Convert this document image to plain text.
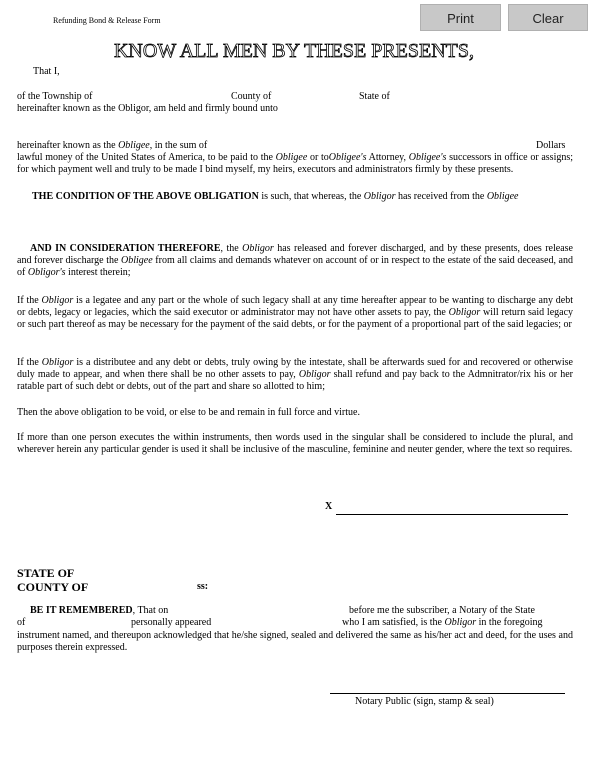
Print	Clear
Refunding Bond & Release Form
KNOW ALL MEN BY THESE PRESENTS,
That I,
of the Township of	County of	State of
hereinafter known as the Obligor, am held and firmly bound unto
hereinafter known as the Obligee, in the sum of	Dollars
lawful money of the United States of America, to be paid to the Obligee or toObligee's Attorney, Obligee's successors in office or assigns; for which payment well and truly to be made I bind myself, my heirs, executors and administrators firmly by these presents.
THE CONDITION OF THE ABOVE OBLIGATION is such, that whereas, the Obligor has received from the Obligee
AND IN CONSIDERATION THEREFORE, the Obligor has released and forever discharged, and by these presents, does release and forever discharge the Obligee from all claims and demands whatever on account of or in respect to the estate of the said deceased, and of Obligor's interest therein;
If the Obligor is a legatee and any part or the whole of such legacy shall at any time hereafter appear to be wanting to discharge any debt or debts, legacy or legacies, which the said executor or administrator may not have other assets to pay, the Obligor will return said legacy or such part thereof as may be necessary for the payment of the said debts, or for the payment of a proportional part of the said legacies; or
If the Obligor is a distributee and any debt or debts, truly owing by the intestate, shall be afterwards sued for and recovered or otherwise duly made to appear, and when there shall be no other assets to pay, Obligor shall refund and pay back to the Admnitrator/rix his or her ratable part of such debt or debts, out of the part and share so allotted to him;
Then the above obligation to be void, or else to be and remain in full force and virtue.
If more than one person executes the within instruments, then words used in the singular shall be considered to include the plural, and wherever herein any particular gender is used it shall be inclusive of the masculine, feminine and neuter gender, where the text so requires.
X
STATE OF
COUNTY OF	ss:
BE IT REMEMBERED, That on	before me the subscriber, a Notary of the State
of	personally appeared	who I am satisfied, is the Obligor in the foregoing
instrument named, and thereupon acknowledged that he/she signed, sealed and delivered the same as his/her act and deed, for the uses and purposes therein expressed.
Notary Public (sign, stamp & seal)
